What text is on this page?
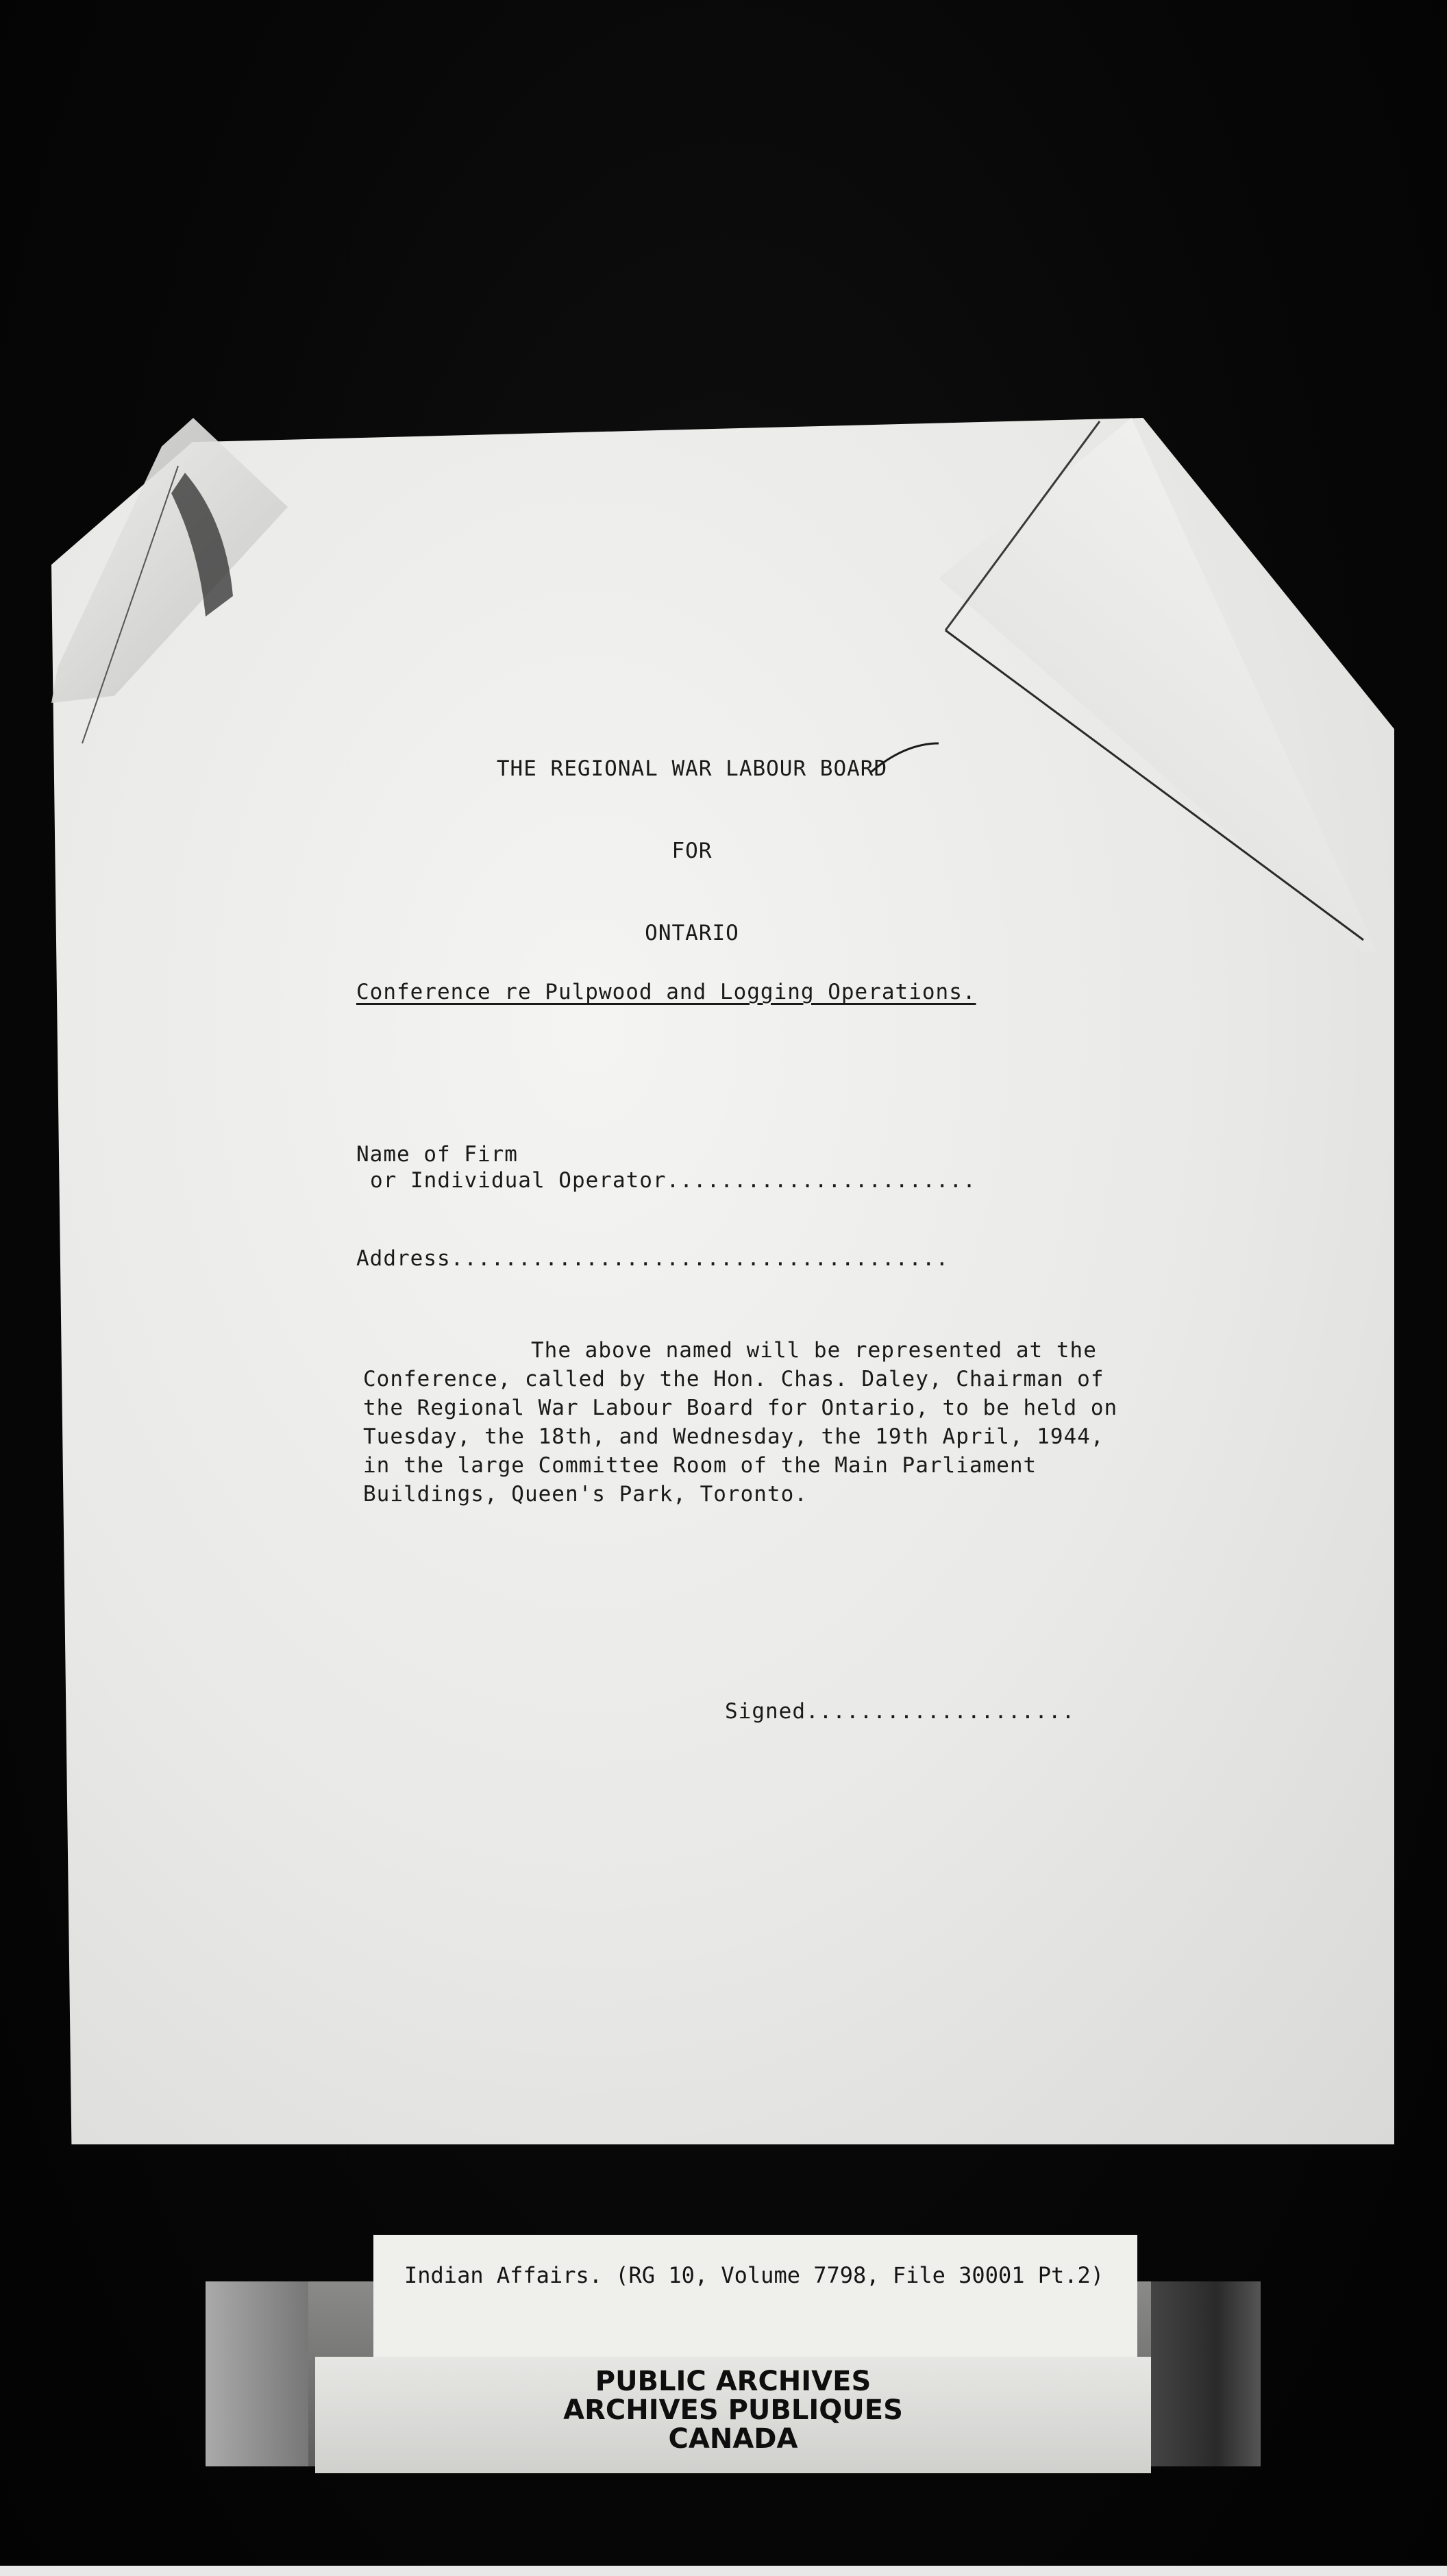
THE REGIONAL WAR LABOUR BOARD

FOR

ONTARIO

Conference re Pulpwood and Logging Operations.
Name of Firm
or Individual Operator.......................
Address.....................................
The above named will be represented at the Conference, called by the Hon. Chas. Daley, Chairman of the Regional War Labour Board for Ontario, to be held on Tuesday, the 18th, and Wednesday, the 19th April, 1944, in the large Committee Room of the Main Parliament Buildings, Queen's Park, Toronto.
Signed....................
Indian Affairs. (RG 10, Volume 7798, File 30001 Pt.2)
PUBLIC ARCHIVES
ARCHIVES PUBLIQUES
CANADA
